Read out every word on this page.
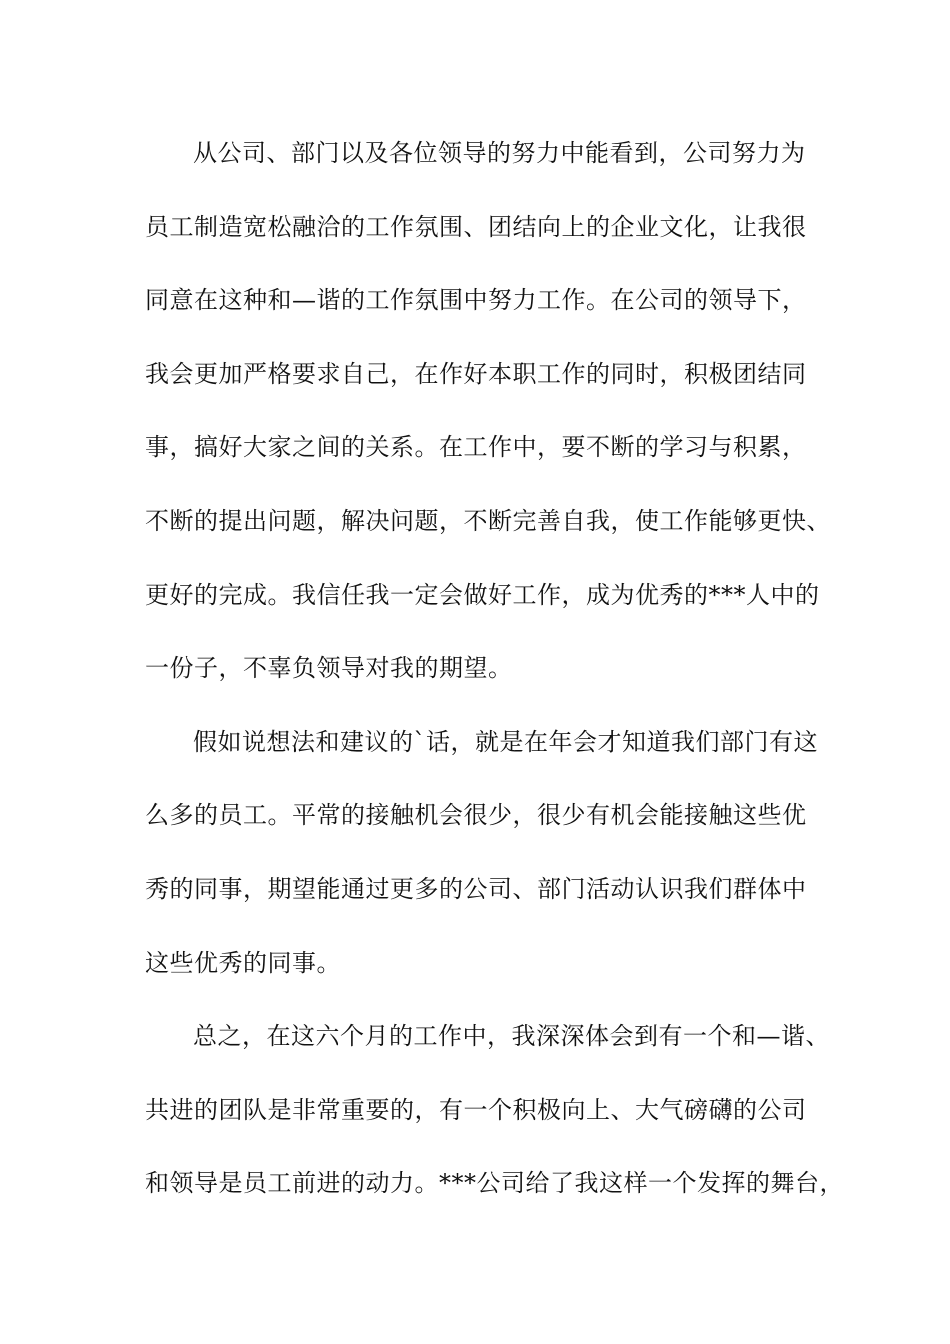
从公司、部门以及各位领导的努力中能看到，公司努力为
员工制造宽松融洽的工作氛围、团结向上的企业文化，让我很
同意在这种和—谐的工作氛围中努力工作。在公司的领导下，
我会更加严格要求自己，在作好本职工作的同时，积极团结同
事，搞好大家之间的关系。在工作中，要不断的学习与积累，
不断的提出问题，解决问题，不断完善自我，使工作能够更快、
更好的完成。我信任我一定会做好工作，成为优秀的***人中的
一份子，不辜负领导对我的期望。
假如说想法和建议的`话，就是在年会才知道我们部门有这
么多的员工。平常的接触机会很少，很少有机会能接触这些优
秀的同事，期望能通过更多的公司、部门活动认识我们群体中
这些优秀的同事。
总之，在这六个月的工作中，我深深体会到有一个和—谐、
共进的团队是非常重要的，有一个积极向上、大气磅礴的公司
和领导是员工前进的动力。***公司给了我这样一个发挥的舞台，
